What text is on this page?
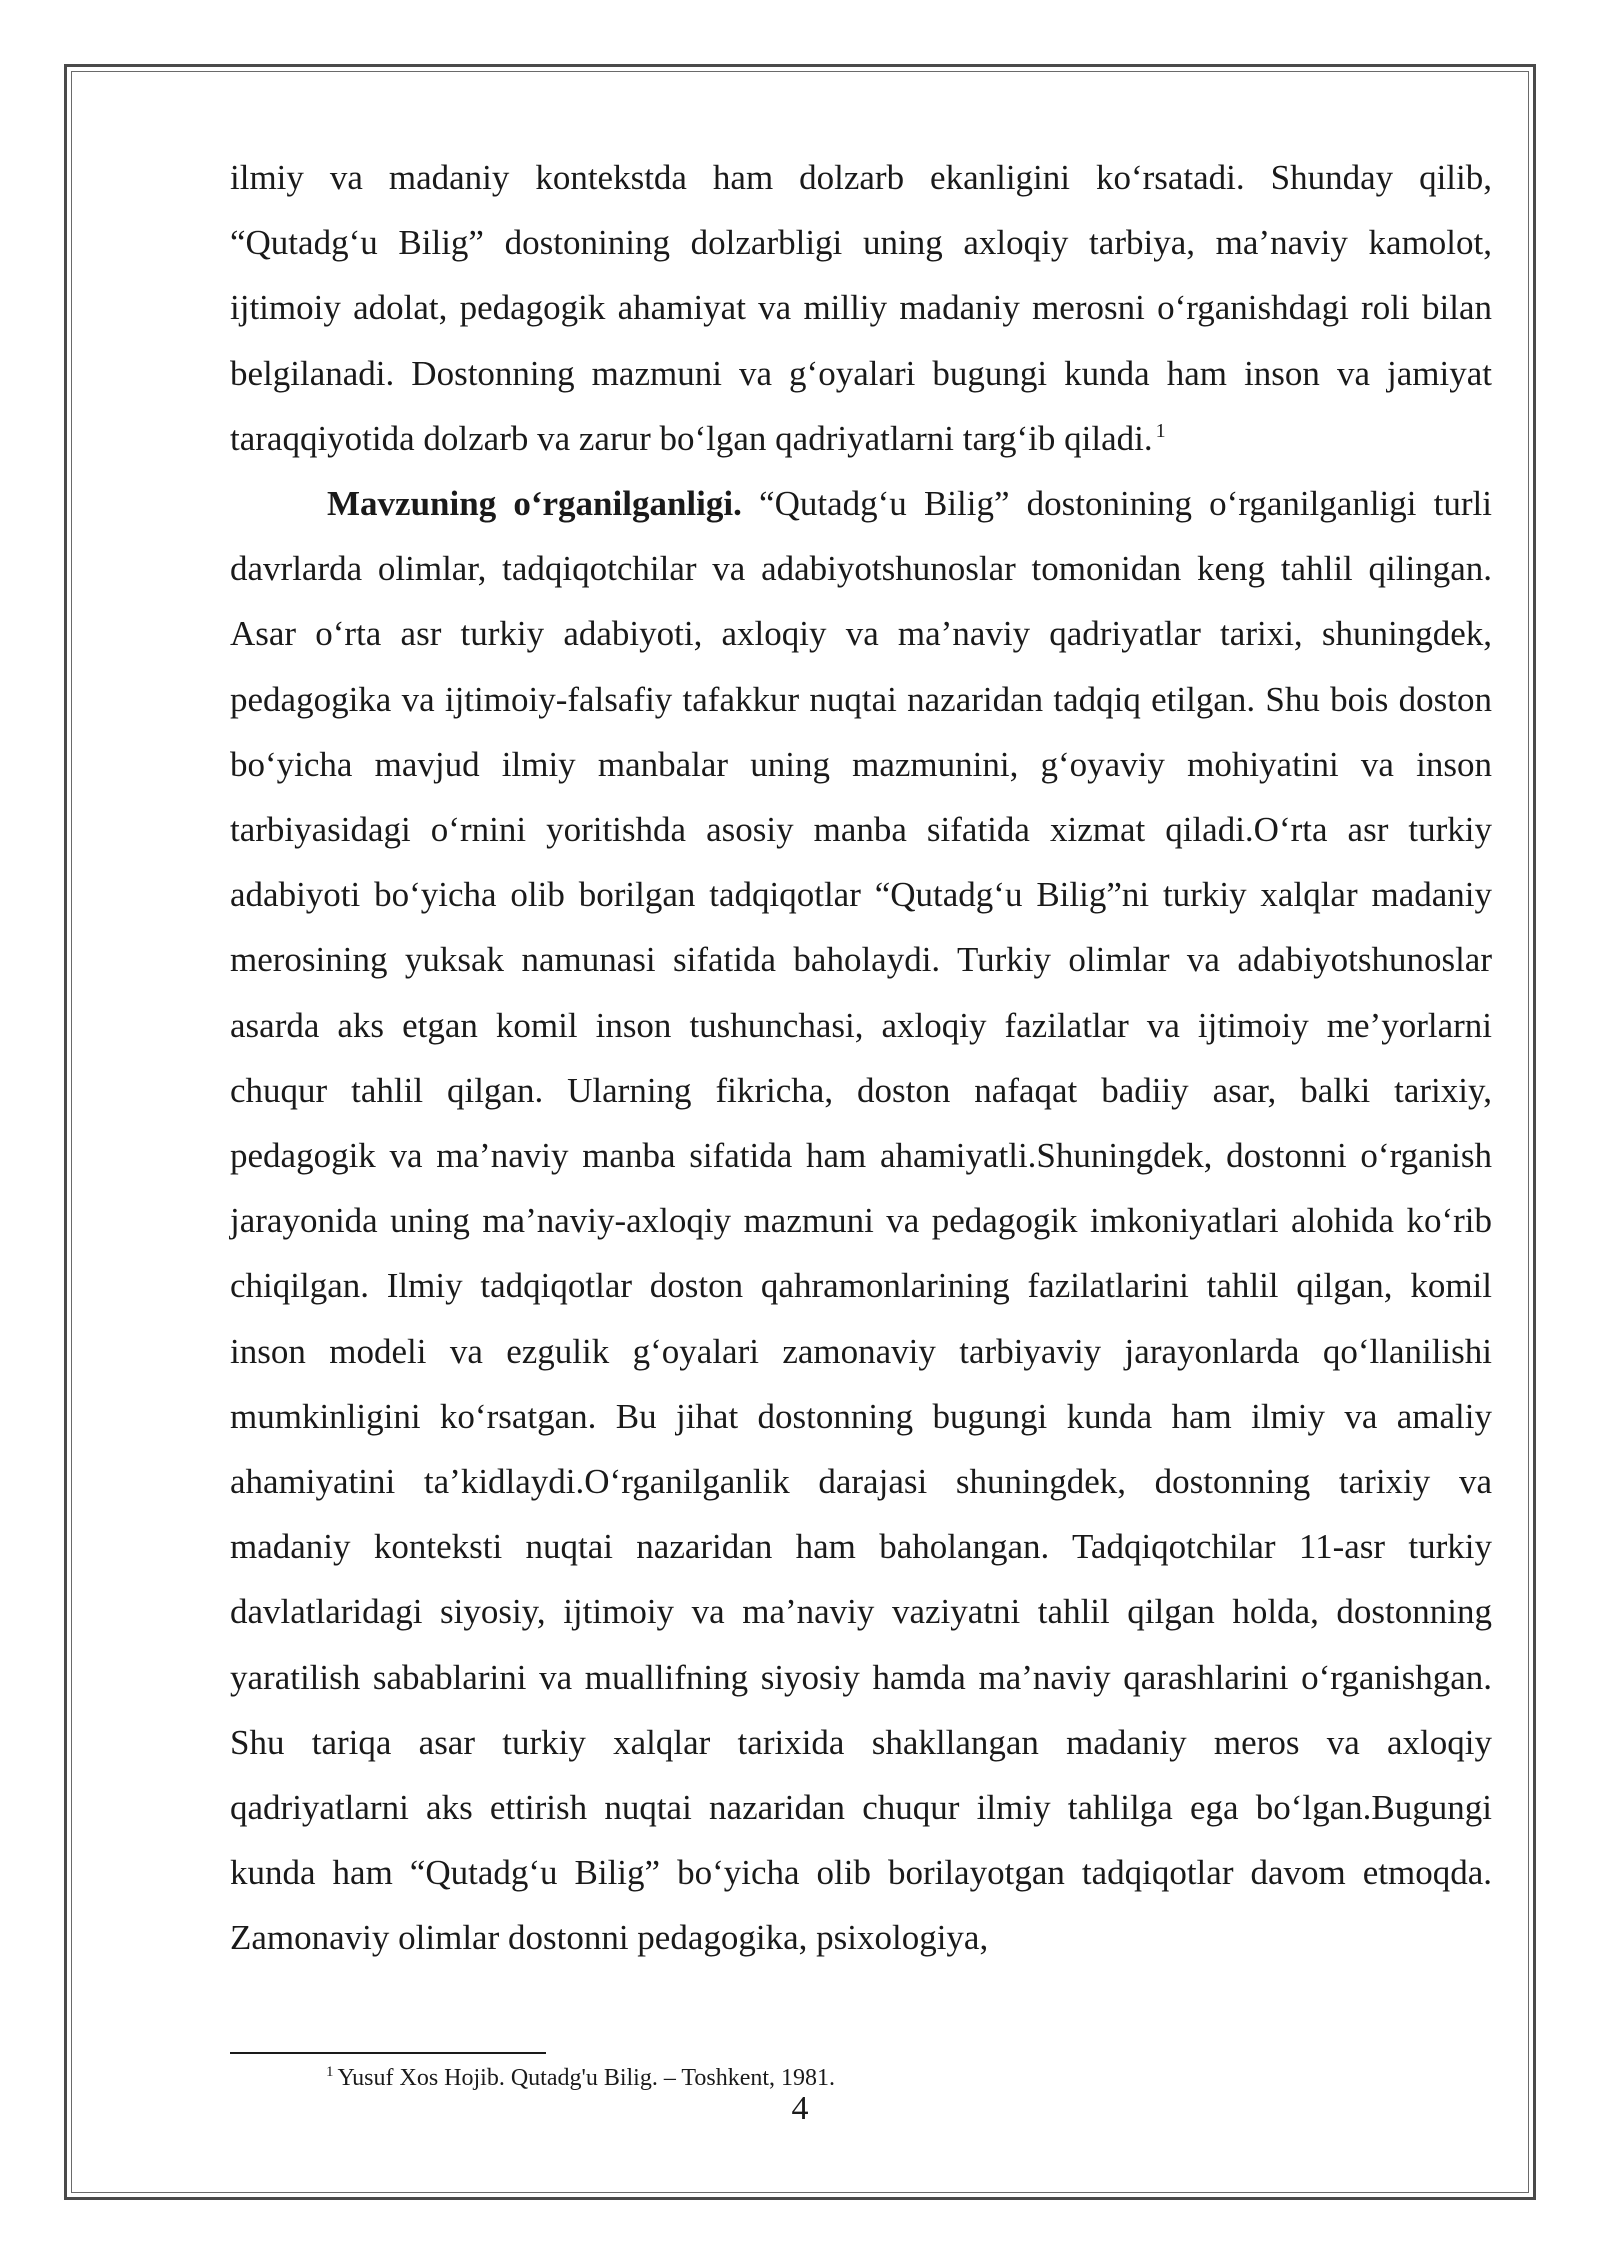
ilmiy va madaniy kontekstda ham dolzarb ekanligini ko‘rsatadi. Shunday qilib, “Qutadg‘u Bilig” dostonining dolzarbligi uning axloqiy tarbiya, ma’naviy kamolot, ijtimoiy adolat, pedagogik ahamiyat va milliy madaniy merosni o‘rganishdagi roli bilan belgilanadi. Dostonning mazmuni va g‘oyalari bugungi kunda ham inson va jamiyat taraqqiyotida dolzarb va zarur bo‘lgan qadriyatlarni targ‘ib qiladi. $^1$

Mavzuning o‘rganilganligi. “Qutadg‘u Bilig” dostonining o‘rganilganligi turli davrlarda olimlar, tadqiqotchilar va adabiyotshunoslar tomonidan keng tahlil qilingan. Asar o‘rta asr turkiy adabiyoti, axloqiy va ma’naviy qadriyatlar tarixi, shuningdek, pedagogika va ijtimoiy-falsafiy tafakkur nuqtai nazaridan tadqiq etilgan. Shu bois doston bo‘yicha mavjud ilmiy manbalar uning mazmunini, g‘oyaviy mohiyatini va inson tarbiyasidagi o‘rnini yoritishda asosiy manba sifatida xizmat qiladi.O‘rta asr turkiy adabiyoti bo‘yicha olib borilgan tadqiqotlar “Qutadg‘u Bilig”ni turkiy xalqlar madaniy merosining yuksak namunasi sifatida baholaydi. Turkiy olimlar va adabiyotshunoslar asarda aks etgan komil inson tushunchasi, axloqiy fazilatlar va ijtimoiy me’yorlarni chuqur tahlil qilgan. Ularning fikricha, doston nafaqat badiiy asar, balki tarixiy, pedagogik va ma’naviy manba sifatida ham ahamiyatli.Shuningdek, dostonni o‘rganish jarayonida uning ma’naviy-axloqiy mazmuni va pedagogik imkoniyatlari alohida ko‘rib chiqilgan. Ilmiy tadqiqotlar doston qahramonlarining fazilatlarini tahlil qilgan, komil inson modeli va ezgulik g‘oyalari zamonaviy tarbiyaviy jarayonlarda qo‘llanilishi mumkinligini ko‘rsatgan. Bu jihat dostonning bugungi kunda ham ilmiy va amaliy ahamiyatini ta’kidlaydi.O‘rganilganlik darajasi shuningdek, dostonning tarixiy va madaniy konteksti nuqtai nazaridan ham baholangan. Tadqiqotchilar 11-asr turkiy davlatlaridagi siyosiy, ijtimoiy va ma’naviy vaziyatni tahlil qilgan holda, dostonning yaratilish sabablarini va muallifning siyosiy hamda ma’naviy qarashlarini o‘rganishgan. Shu tariqa asar turkiy xalqlar tarixida shakllangan madaniy meros va axloqiy qadriyatlarni aks ettirish nuqtai nazaridan chuqur ilmiy tahlilga ega bo‘lgan.Bugungi kunda ham “Qutadg‘u Bilig” bo‘yicha olib borilayotgan tadqiqotlar davom etmoqda. Zamonaviy olimlar dostonni pedagogika, psixologiya,

$^1$ Yusuf Xos Hojib. Qutadg'u Bilig. – Toshkent, 1981.
4
